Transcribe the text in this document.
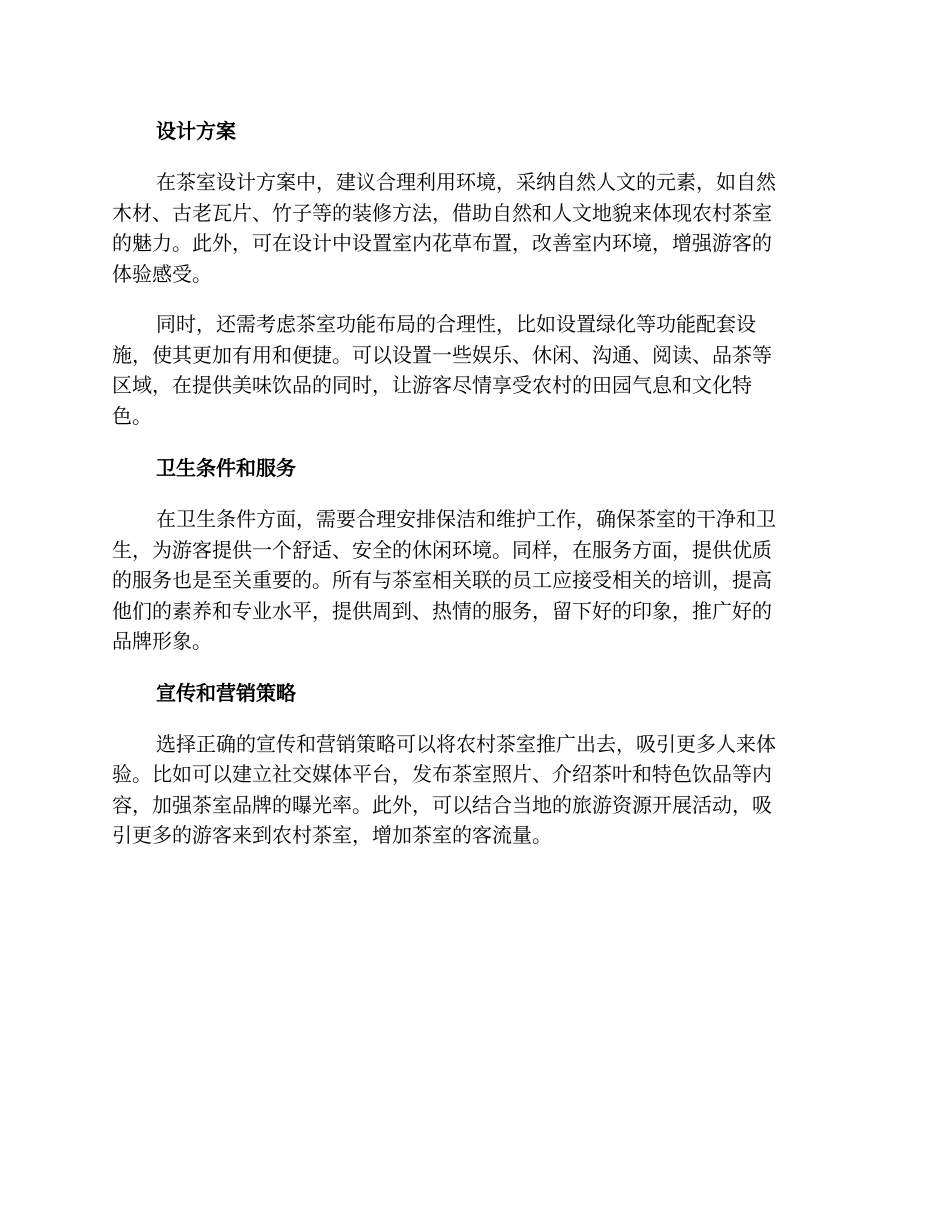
设计方案

在茶室设计方案中，建议合理利用环境，采纳自然人文的元素，如自然
木材、古老瓦片、竹子等的装修方法，借助自然和人文地貌来体现农村茶室
的魅力。此外，可在设计中设置室内花草布置，改善室内环境，增强游客的
体验感受。

同时，还需考虑茶室功能布局的合理性，比如设置绿化等功能配套设
施，使其更加有用和便捷。可以设置一些娱乐、休闲、沟通、阅读、品茶等
区域，在提供美味饮品的同时，让游客尽情享受农村的田园气息和文化特
色。

卫生条件和服务

在卫生条件方面，需要合理安排保洁和维护工作，确保茶室的干净和卫
生，为游客提供一个舒适、安全的休闲环境。同样，在服务方面，提供优质
的服务也是至关重要的。所有与茶室相关联的员工应接受相关的培训，提高
他们的素养和专业水平，提供周到、热情的服务，留下好的印象，推广好的
品牌形象。

宣传和营销策略

选择正确的宣传和营销策略可以将农村茶室推广出去，吸引更多人来体
验。比如可以建立社交媒体平台，发布茶室照片、介绍茶叶和特色饮品等内
容，加强茶室品牌的曝光率。此外，可以结合当地的旅游资源开展活动，吸
引更多的游客来到农村茶室，增加茶室的客流量。
